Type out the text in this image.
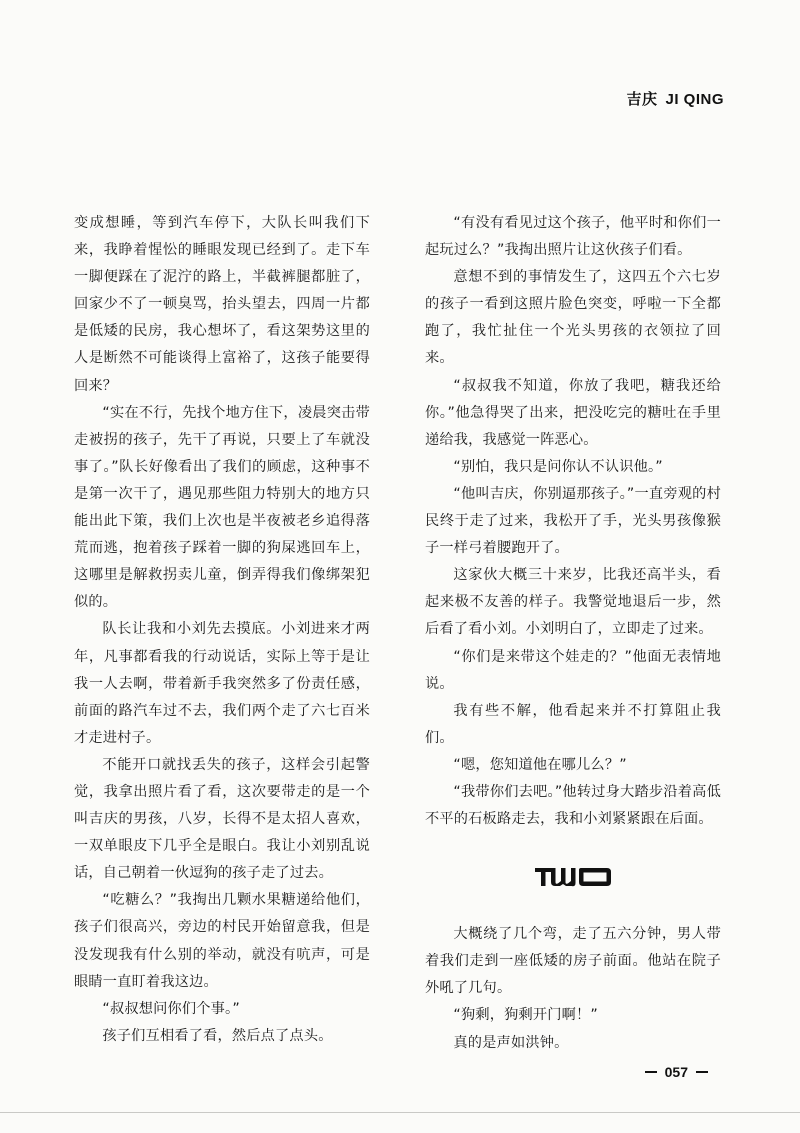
吉庆 JI QING

变成想睡，等到汽车停下，大队长叫我们下来，我睁着惺忪的睡眼发现已经到了。走下车一脚便踩在了泥泞的路上，半截裤腿都脏了，回家少不了一顿臭骂，抬头望去，四周一片都是低矮的民房，我心想坏了，看这架势这里的人是断然不可能谈得上富裕了，这孩子能要得回来？

“实在不行，先找个地方住下，凌晨突击带走被拐的孩子，先干了再说，只要上了车就没事了。”队长好像看出了我们的顾虑，这种事不是第一次干了，遇见那些阻力特别大的地方只能出此下策，我们上次也是半夜被老乡追得落荒而逃，抱着孩子踩着一脚的狗屎逃回车上，这哪里是解救拐卖儿童，倒弄得我们像绑架犯似的。

队长让我和小刘先去摸底。小刘进来才两年，凡事都看我的行动说话，实际上等于是让我一人去啊，带着新手我突然多了份责任感，前面的路汽车过不去，我们两个走了六七百米才走进村子。

不能开口就找丢失的孩子，这样会引起警觉，我拿出照片看了看，这次要带走的是一个叫吉庆的男孩，八岁，长得不是太招人喜欢，一双单眼皮下几乎全是眼白。我让小刘别乱说话，自己朝着一伙逗狗的孩子走了过去。

“吃糖么？”我掏出几颗水果糖递给他们，孩子们很高兴，旁边的村民开始留意我，但是没发现我有什么别的举动，就没有吭声，可是眼睛一直盯着我这边。

“叔叔想问你们个事。”

孩子们互相看了看，然后点了点头。

“有没有看见过这个孩子，他平时和你们一起玩过么？”我掏出照片让这伙孩子们看。

意想不到的事情发生了，这四五个六七岁的孩子一看到这照片脸色突变，呼啦一下全都跑了，我忙扯住一个光头男孩的衣领拉了回来。

“叔叔我不知道，你放了我吧，糖我还给你。”他急得哭了出来，把没吃完的糖吐在手里递给我，我感觉一阵恶心。

“别怕，我只是问你认不认识他。”

“他叫吉庆，你别逼那孩子。”一直旁观的村民终于走了过来，我松开了手，光头男孩像猴子一样弓着腰跑开了。

这家伙大概三十来岁，比我还高半头，看起来极不友善的样子。我警觉地退后一步，然后看了看小刘。小刘明白了，立即走了过来。

“你们是来带这个娃走的？”他面无表情地说。

我有些不解，他看起来并不打算阻止我们。

“嗯，您知道他在哪儿么？”

“我带你们去吧。”他转过身大踏步沿着高低不平的石板路走去，我和小刘紧紧跟在后面。

大概绕了几个弯，走了五六分钟，男人带着我们走到一座低矮的房子前面。他站在院子外吼了几句。

“狗剩，狗剩开门啊！”

真的是声如洪钟。

057
